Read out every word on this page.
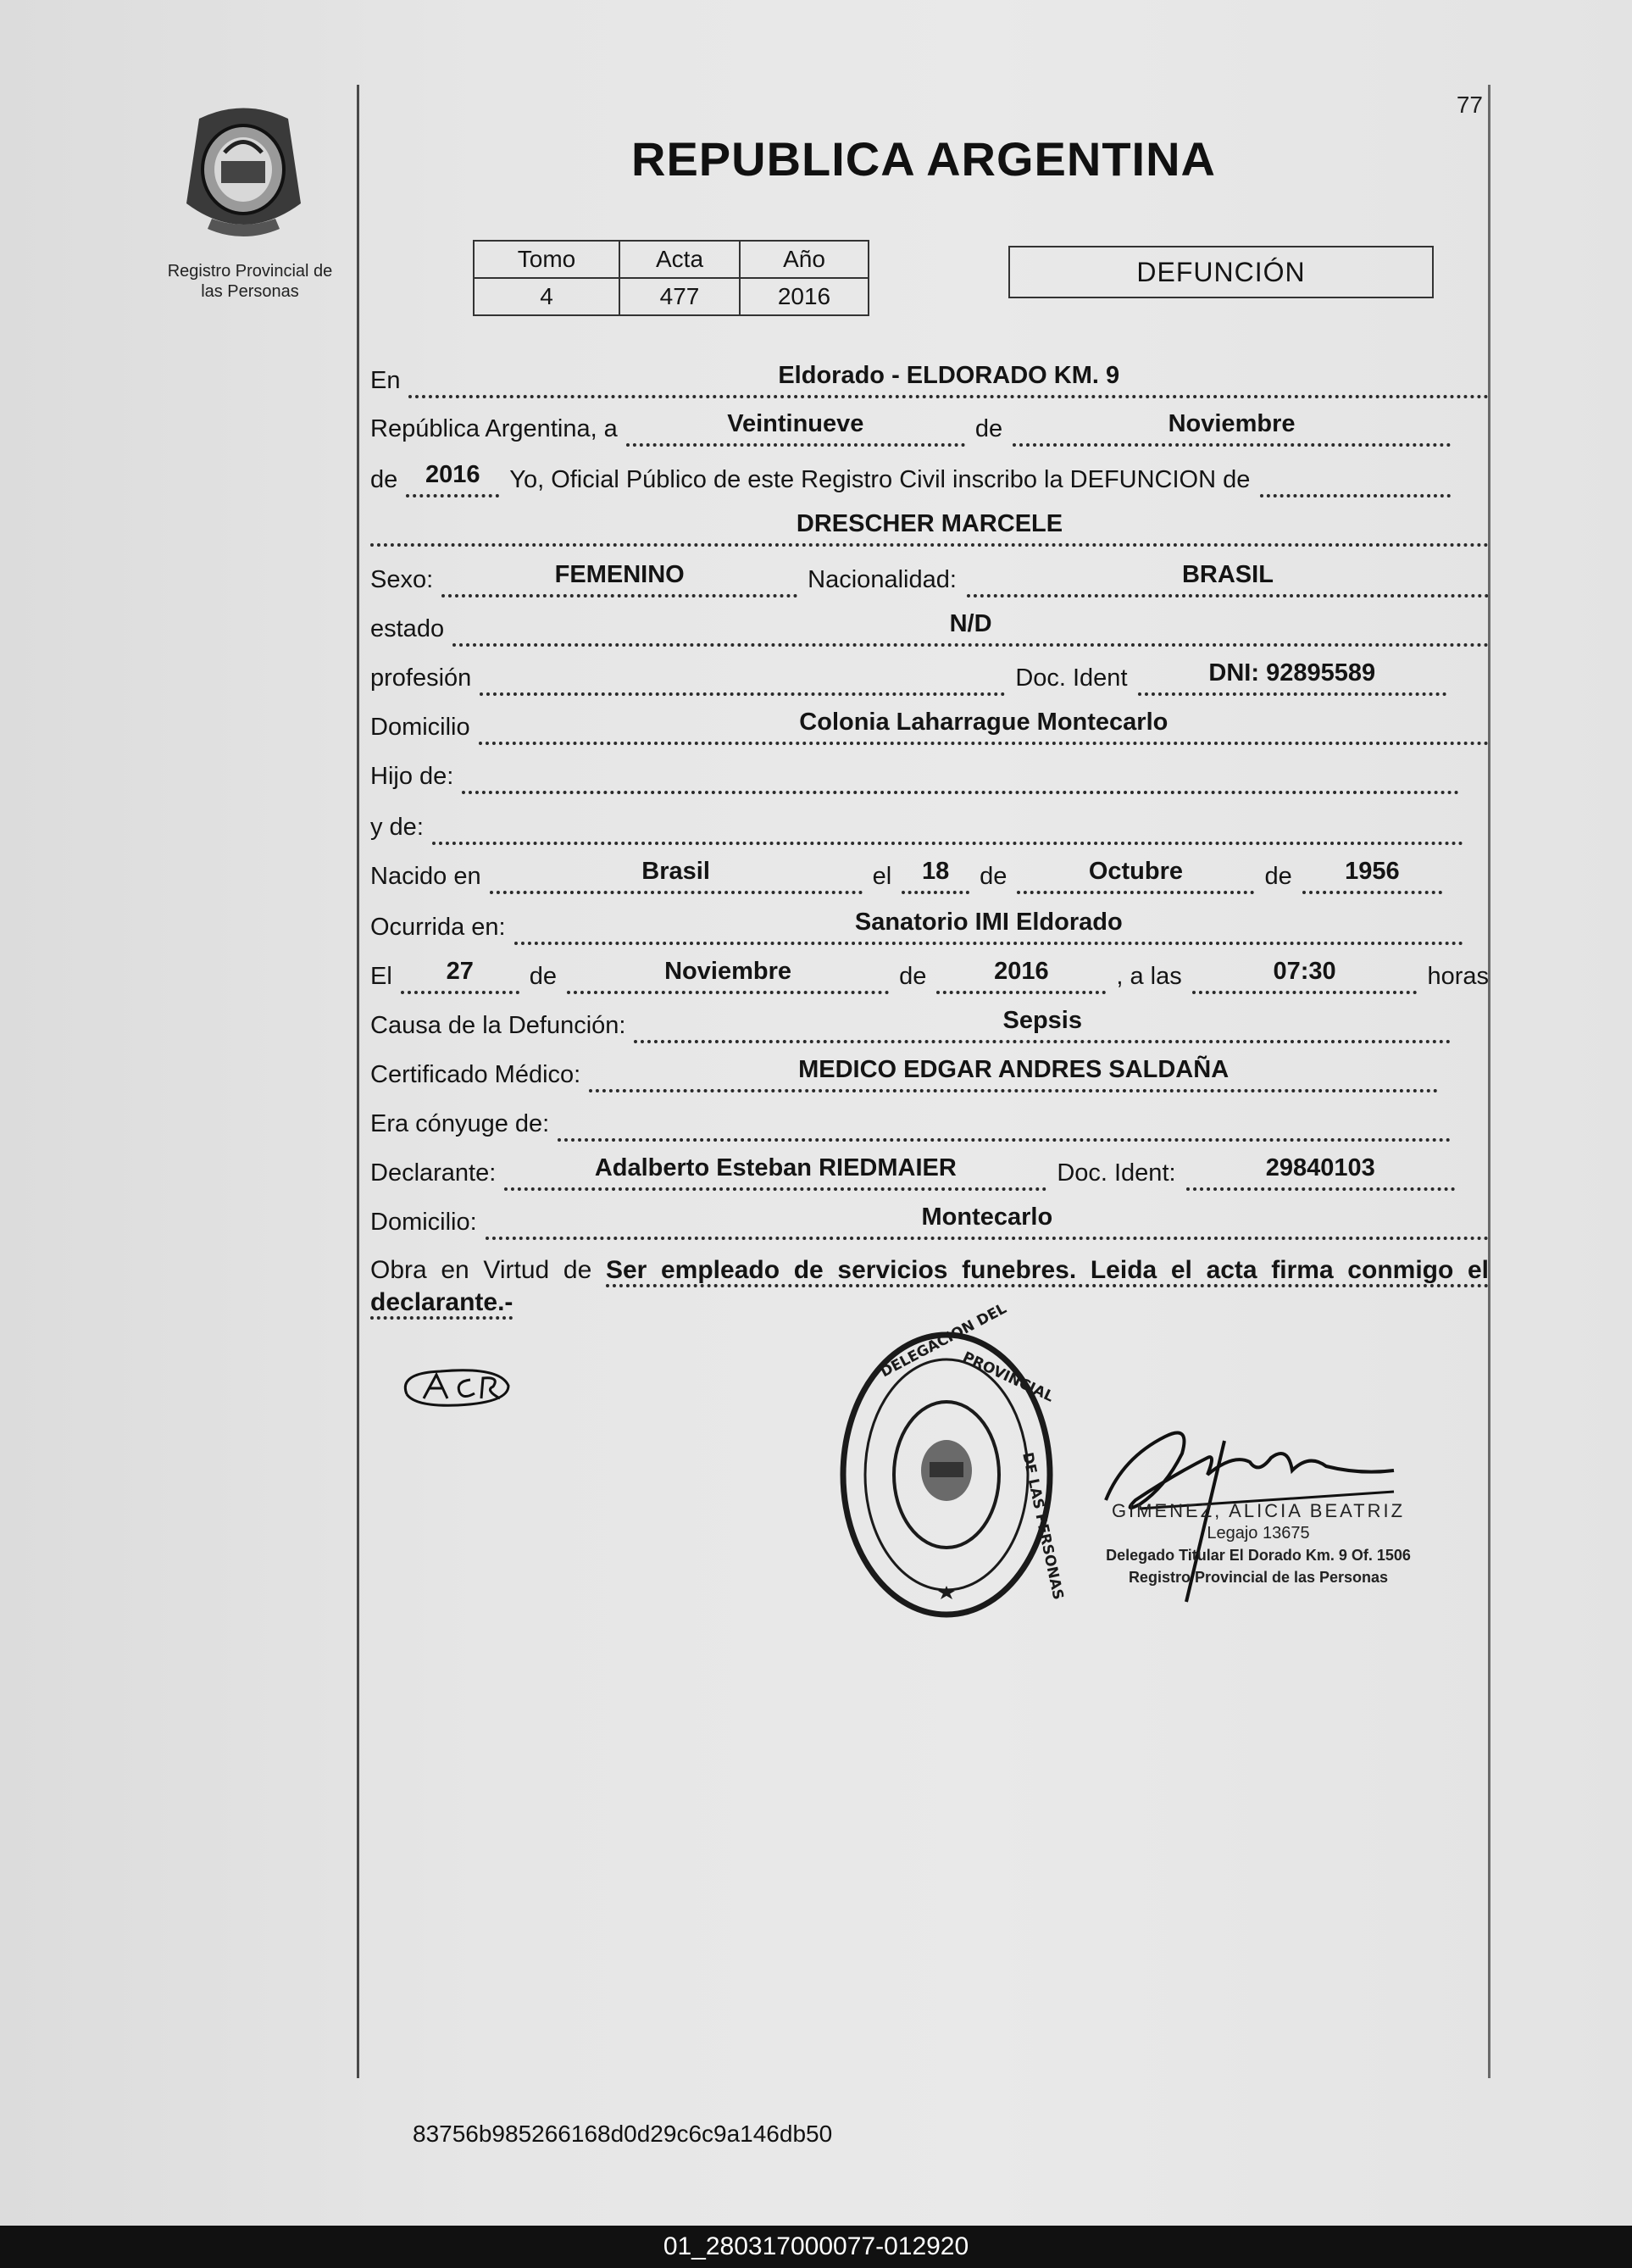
77
Registro Provincial de
las Personas
REPUBLICA ARGENTINA
Tomo	Acta	Año
4	477	2016
DEFUNCIÓN
En	Eldorado - ELDORADO KM. 9
República Argentina, a	Veintinueve	de	Noviembre
de	2016	Yo, Oficial Público de este Registro Civil inscribo la DEFUNCION de
DRESCHER MARCELE
Sexo:	FEMENINO	Nacionalidad:	BRASIL
estado	N/D
profesión	Doc. Ident	DNI: 92895589
Domicilio	Colonia Laharrague Montecarlo
Hijo de:
y de:
Nacido en	Brasil	el	18	de	Octubre	de	1956
Ocurrida en:	Sanatorio IMI Eldorado
El	27	de	Noviembre	de	2016	, a las	07:30	horas
Causa de la Defunción:	Sepsis
Certificado Médico:	MEDICO EDGAR ANDRES SALDAÑA
Era cónyuge de:
Declarante:	Adalberto Esteban RIEDMAIER	Doc. Ident:	29840103
Domicilio:	Montecarlo
Obra en Virtud de Ser empleado de servicios funebres. Leida el acta firma conmigo el declarante.-	DELEGACION DEL
PROVINCIAL
DE LAS PERSONAS	GIMENEZ, ALICIA BEATRIZ
Legajo 13675
Delegado Titular El Dorado Km. 9 Of. 1506
Registro Provincial de las Personas
83756b985266168d0d29c6c9a146db50
01_280317000077-012920
